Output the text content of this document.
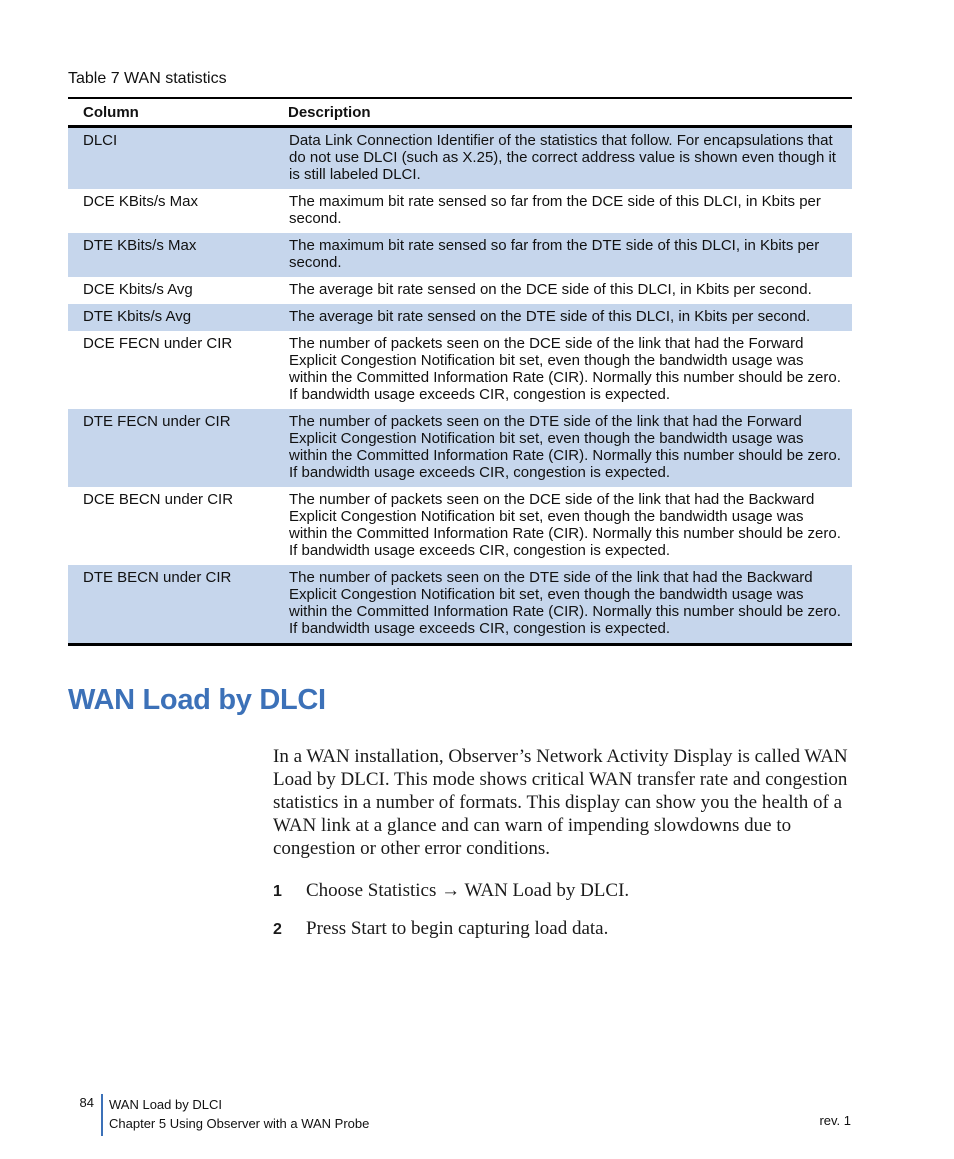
Table 7 WAN statistics
Column	Description
DLCI	Data Link Connection Identifier of the statistics that follow. For encapsulations that do not use DLCI (such as X.25), the correct address value is shown even though it is still labeled DLCI.
DCE KBits/s Max	The maximum bit rate sensed so far from the DCE side of this DLCI, in Kbits per second.
DTE KBits/s Max	The maximum bit rate sensed so far from the DTE side of this DLCI, in Kbits per second.
DCE Kbits/s Avg	The average bit rate sensed on the DCE side of this DLCI, in Kbits per second.
DTE Kbits/s Avg	The average bit rate sensed on the DTE side of this DLCI, in Kbits per second.
DCE FECN under CIR	The number of packets seen on the DCE side of the link that had the Forward Explicit Congestion Notification bit set, even though the bandwidth usage was within the Committed Information Rate (CIR). Normally this number should be zero. If bandwidth usage exceeds CIR, congestion is expected.
DTE FECN under CIR	The number of packets seen on the DTE side of the link that had the Forward Explicit Congestion Notification bit set, even though the bandwidth usage was within the Committed Information Rate (CIR). Normally this number should be zero. If bandwidth usage exceeds CIR, congestion is expected.
DCE BECN under CIR	The number of packets seen on the DCE side of the link that had the Backward Explicit Congestion Notification bit set, even though the bandwidth usage was within the Committed Information Rate (CIR). Normally this number should be zero. If bandwidth usage exceeds CIR, congestion is expected.
DTE BECN under CIR	The number of packets seen on the DTE side of the link that had the Backward Explicit Congestion Notification bit set, even though the bandwidth usage was within the Committed Information Rate (CIR). Normally this number should be zero. If bandwidth usage exceeds CIR, congestion is expected.
WAN Load by DLCI

In a WAN installation, Observer’s Network Activity Display is called WAN Load by DLCI. This mode shows critical WAN transfer rate and congestion statistics in a number of formats. This display can show you the health of a WAN link at a glance and can warn of impending slowdowns due to congestion or other error conditions.

1 Choose Statistics → WAN Load by DLCI.
2 Press Start to begin capturing load data.
84 WAN Load by DLCI
Chapter 5 Using Observer with a WAN Probe	rev. 1
